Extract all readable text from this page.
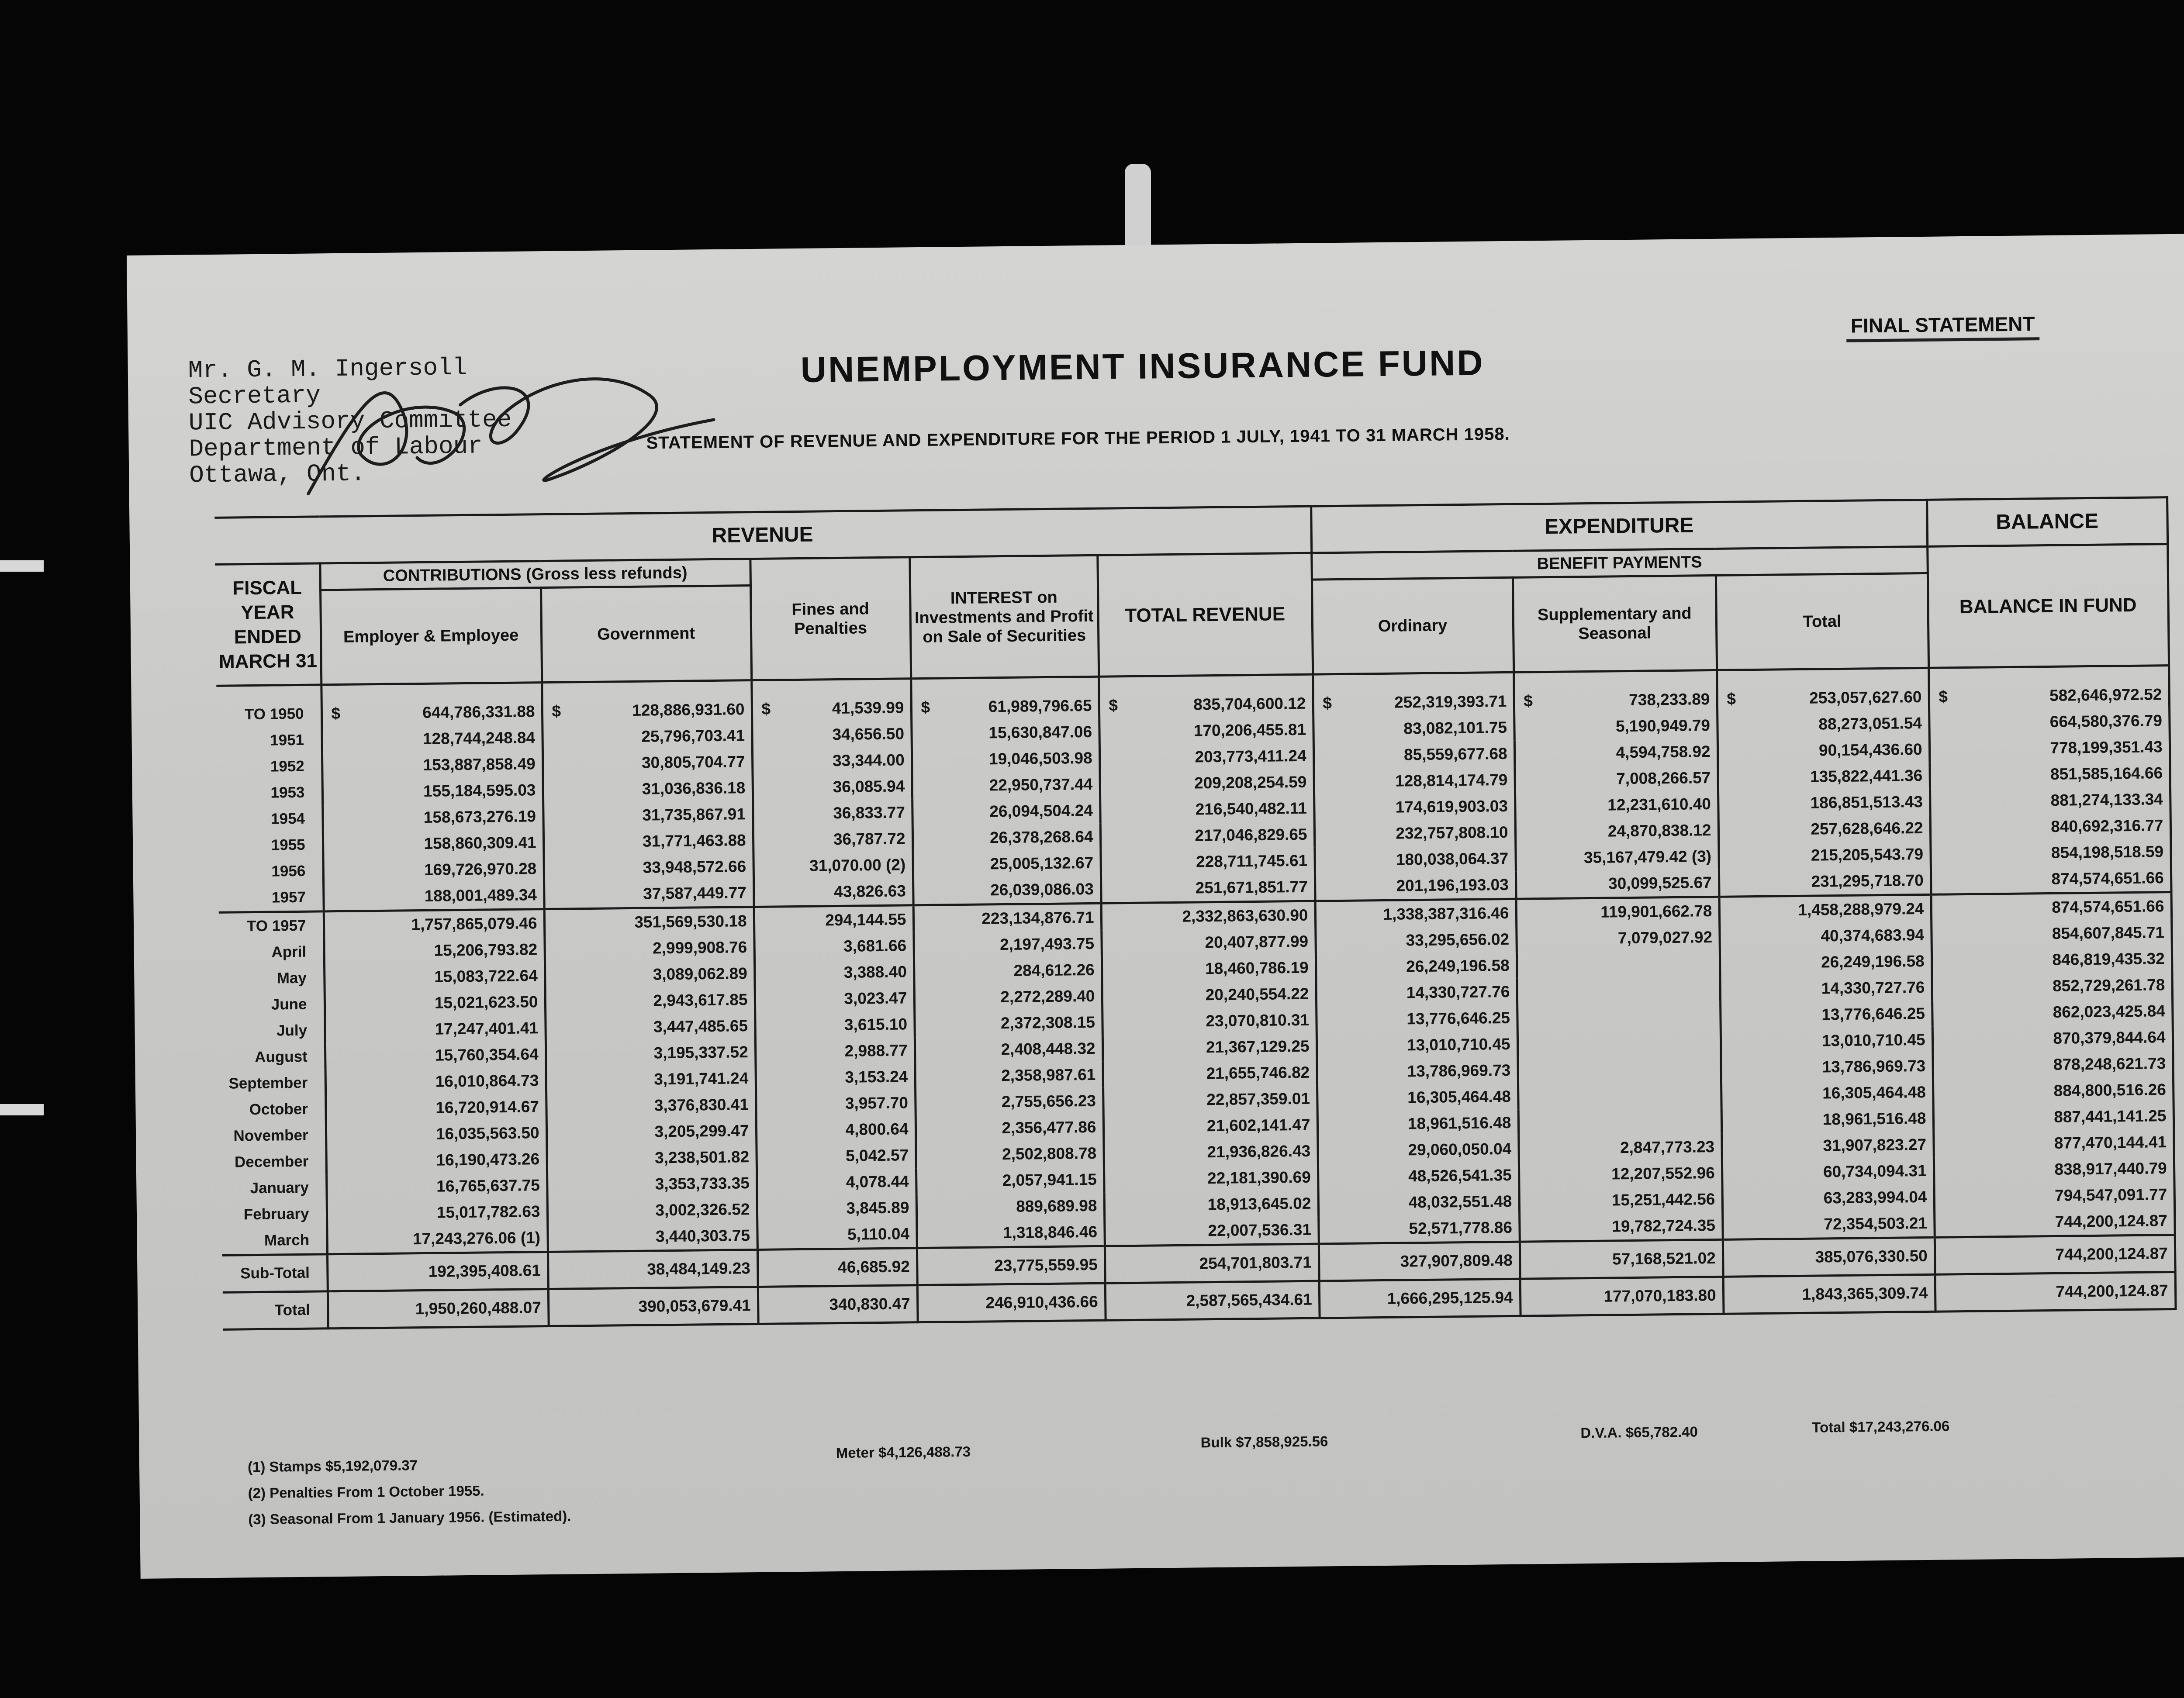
Mr. G. M. Ingersoll
Secretary
UIC Advisory Committee
Department of Labour
Ottawa, Ont.
UNEMPLOYMENT INSURANCE FUND
FINAL STATEMENT
STATEMENT OF REVENUE AND EXPENDITURE FOR THE PERIOD 1 JULY, 1941 TO 31 MARCH 1958.
REVENUE						EXPENDITURE			BALANCE
FISCAL YEAR ENDED MARCH 31	CONTRIBUTIONS (Gross less refunds)		Fines and Penalties	INTEREST on Investments and Profit on Sale of Securities	TOTAL REVENUE	BENEFIT PAYMENTS			BALANCE IN FUND
	Employer & Employee	Government				Ordinary	Supplementary and Seasonal	Total	
TO 1950	$ 644,786,331.88	$ 128,886,931.60	$ 41,539.99	$ 61,989,796.65	$ 835,704,600.12	$ 252,319,393.71	$ 738,233.89	$ 253,057,627.60	$ 582,646,972.52
1951	128,744,248.84	25,796,703.41	34,656.50	15,630,847.06	170,206,455.81	83,082,101.75	5,190,949.79	88,273,051.54	664,580,376.79
1952	153,887,858.49	30,805,704.77	33,344.00	19,046,503.98	203,773,411.24	85,559,677.68	4,594,758.92	90,154,436.60	778,199,351.43
1953	155,184,595.03	31,036,836.18	36,085.94	22,950,737.44	209,208,254.59	128,814,174.79	7,008,266.57	135,822,441.36	851,585,164.66
1954	158,673,276.19	31,735,867.91	36,833.77	26,094,504.24	216,540,482.11	174,619,903.03	12,231,610.40	186,851,513.43	881,274,133.34
1955	158,860,309.41	31,771,463.88	36,787.72	26,378,268.64	217,046,829.65	232,757,808.10	24,870,838.12	257,628,646.22	840,692,316.77
1956	169,726,970.28	33,948,572.66	31,070.00 (2)	25,005,132.67	228,711,745.61	180,038,064.37	35,167,479.42 (3)	215,205,543.79	854,198,518.59
1957	188,001,489.34	37,587,449.77	43,826.63	26,039,086.03	251,671,851.77	201,196,193.03	30,099,525.67	231,295,718.70	874,574,651.66
TO 1957	1,757,865,079.46	351,569,530.18	294,144.55	223,134,876.71	2,332,863,630.90	1,338,387,316.46	119,901,662.78	1,458,288,979.24	874,574,651.66
April	15,206,793.82	2,999,908.76	3,681.66	2,197,493.75	20,407,877.99	33,295,656.02	7,079,027.92	40,374,683.94	854,607,845.71
May	15,083,722.64	3,089,062.89	3,388.40	284,612.26	18,460,786.19	26,249,196.58		26,249,196.58	846,819,435.32
June	15,021,623.50	2,943,617.85	3,023.47	2,272,289.40	20,240,554.22	14,330,727.76		14,330,727.76	852,729,261.78
July	17,247,401.41	3,447,485.65	3,615.10	2,372,308.15	23,070,810.31	13,776,646.25		13,776,646.25	862,023,425.84
August	15,760,354.64	3,195,337.52	2,988.77	2,408,448.32	21,367,129.25	13,010,710.45		13,010,710.45	870,379,844.64
September	16,010,864.73	3,191,741.24	3,153.24	2,358,987.61	21,655,746.82	13,786,969.73		13,786,969.73	878,248,621.73
October	16,720,914.67	3,376,830.41	3,957.70	2,755,656.23	22,857,359.01	16,305,464.48		16,305,464.48	884,800,516.26
November	16,035,563.50	3,205,299.47	4,800.64	2,356,477.86	21,602,141.47	18,961,516.48		18,961,516.48	887,441,141.25
December	16,190,473.26	3,238,501.82	5,042.57	2,502,808.78	21,936,826.43	29,060,050.04	2,847,773.23	31,907,823.27	877,470,144.41
January	16,765,637.75	3,353,733.35	4,078.44	2,057,941.15	22,181,390.69	48,526,541.35	12,207,552.96	60,734,094.31	838,917,440.79
February	15,017,782.63	3,002,326.52	3,845.89	889,689.98	18,913,645.02	48,032,551.48	15,251,442.56	63,283,994.04	794,547,091.77
March	17,243,276.06 (1)	3,440,303.75	5,110.04	1,318,846.46	22,007,536.31	52,571,778.86	19,782,724.35	72,354,503.21	744,200,124.87
Sub-Total	192,395,408.61	38,484,149.23	46,685.92	23,775,559.95	254,701,803.71	327,907,809.48	57,168,521.02	385,076,330.50	744,200,124.87
Total	1,950,260,488.07	390,053,679.41	340,830.47	246,910,436.66	2,587,565,434.61	1,666,295,125.94	177,070,183.80	1,843,365,309.74	744,200,124.87
(1) Stamps $5,192,079.37
Meter $4,126,488.73
Bulk $7,858,925.56
D.V.A. $65,782.40	Total $17,243,276.06
(2) Penalties From 1 October 1955.
(3) Seasonal From 1 January 1956. (Estimated).
